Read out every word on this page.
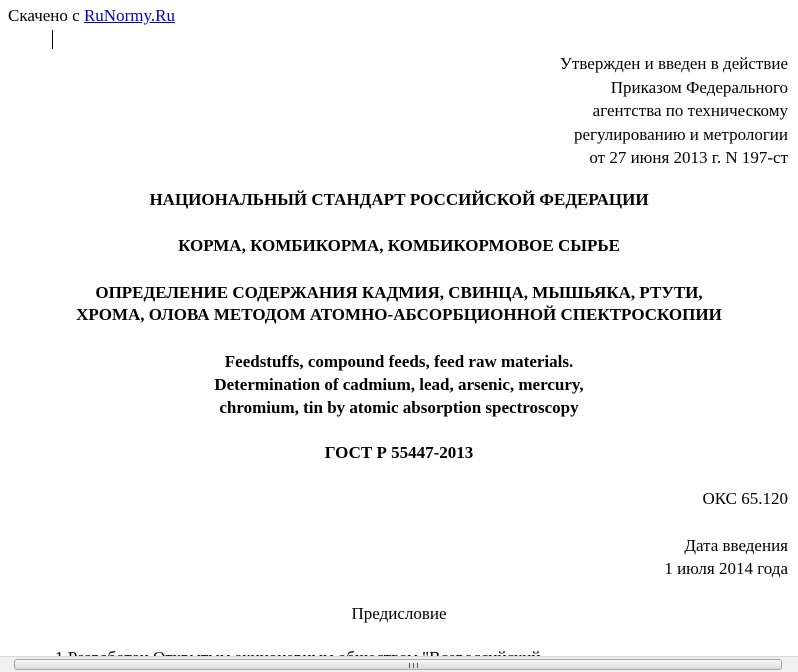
Скачено с RuNormy.Ru
Утвержден и введен в действие
Приказом Федерального
агентства по техническому
регулированию и метрологии
от 27 июня 2013 г. N 197-ст
НАЦИОНАЛЬНЫЙ СТАНДАРТ РОССИЙСКОЙ ФЕДЕРАЦИИ
КОРМА, КОМБИКОРМА, КОМБИКОРМОВОЕ СЫРЬЕ
ОПРЕДЕЛЕНИЕ СОДЕРЖАНИЯ КАДМИЯ, СВИНЦА, МЫШЬЯКА, РТУТИ,
ХРОМА, ОЛОВА МЕТОДОМ АТОМНО-АБСОРБЦИОННОЙ СПЕКТРОСКОПИИ
Feedstuffs, compound feeds, feed raw materials.
Determination of cadmium, lead, arsenic, mercury,
chromium, tin by atomic absorption spectroscopy
ГОСТ Р 55447-2013
ОКС 65.120
Дата введения
1 июля 2014 года
Предисловие
